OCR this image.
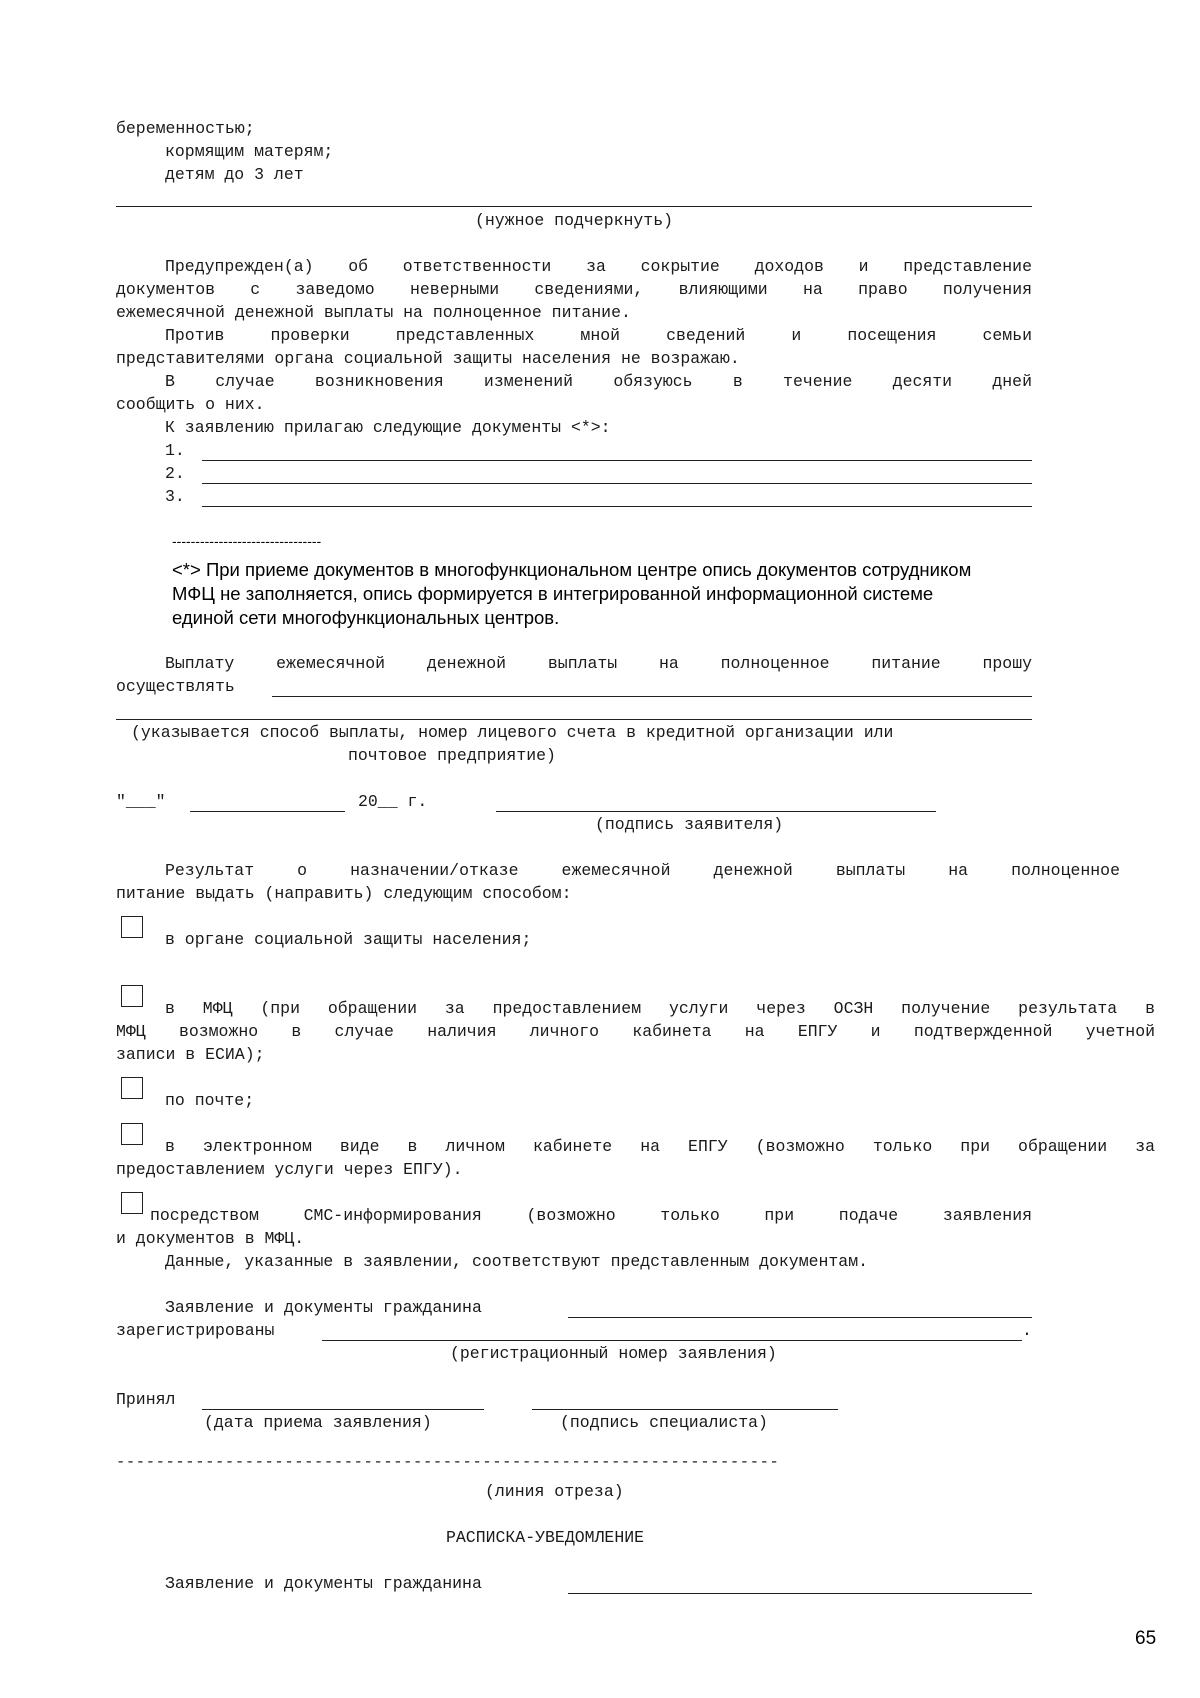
беременностью;
кормящим матерям;
детям до 3 лет
(нужное подчеркнуть)
Предупрежден(а) об ответственности за сокрытие доходов и представление
документов с заведомо неверными сведениями, влияющими на право получения
ежемесячной денежной выплаты на полноценное питание.
Против проверки представленных мной сведений и посещения семьи
представителями органа социальной защиты населения не возражаю.
В случае возникновения изменений обязуюсь в течение десяти дней
сообщить о них.
К заявлению прилагаю следующие документы <*>:
1.
2.
3.
--------------------------------
<*> При приеме документов в многофункциональном центре опись документов сотрудником
МФЦ не заполняется, опись формируется в интегрированной информационной системе
единой сети многофункциональных центров.
Выплату ежемесячной денежной выплаты на полноценное питание прошу
осуществлять
(указывается способ выплаты, номер лицевого счета в кредитной организации или
почтовое предприятие)
"___"	20__ г.
(подпись заявителя)
Результат о назначении/отказе ежемесячной денежной выплаты на полноценное
питание выдать (направить) следующим способом:
в органе социальной защиты населения;
в МФЦ (при обращении за предоставлением услуги через ОСЗН получение результата в
МФЦ возможно в случае наличия личного кабинета на ЕПГУ и подтвержденной учетной
записи в ЕСИА);
по почте;
в электронном виде в личном кабинете на ЕПГУ (возможно только при обращении за
предоставлением услуги через ЕПГУ).
посредством СМС-информирования (возможно только при подаче заявления
и документов в МФЦ.
Данные, указанные в заявлении, соответствуют представленным документам.
Заявление и документы гражданина
зарегистрированы	.
(регистрационный номер заявления)
Принял
(дата приема заявления)	(подпись специалиста)
-------------------------------------------------------------------
(линия отреза)
РАСПИСКА-УВЕДОМЛЕНИЕ
Заявление и документы гражданина
65
